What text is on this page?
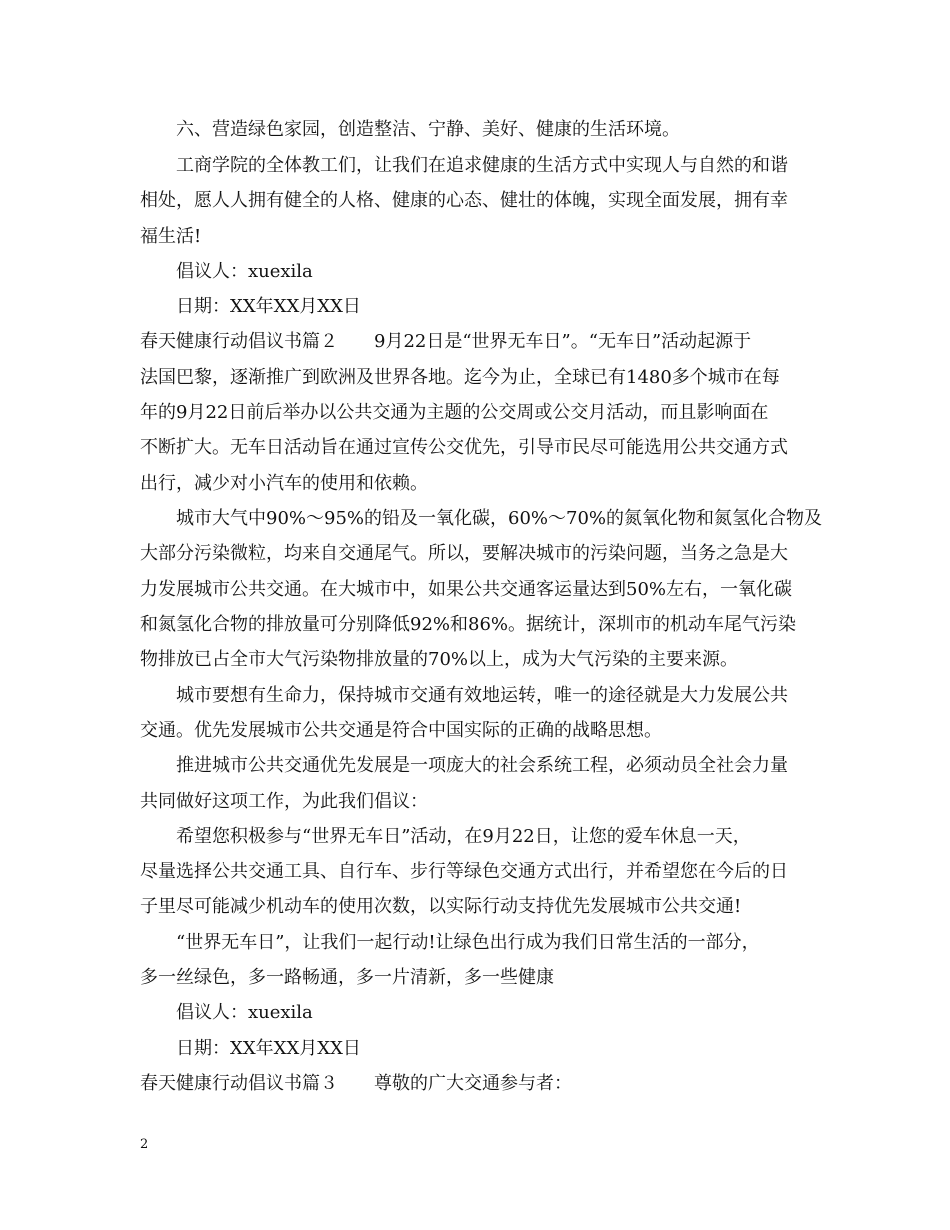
六、营造绿色家园，创造整洁、宁静、美好、健康的生活环境。
工商学院的全体教工们，让我们在追求健康的生活方式中实现人与自然的和谐
相处，愿人人拥有健全的人格、健康的心态、健壮的体魄，实现全面发展，拥有幸
福生活!
倡议人：xuexila
日期：XX年XX月XX日
春天健康行动倡议书篇２　　9月22日是“世界无车日”。“无车日”活动起源于
法国巴黎，逐渐推广到欧洲及世界各地。迄今为止，全球已有1480多个城市在每
年的9月22日前后举办以公共交通为主题的公交周或公交月活动，而且影响面在
不断扩大。无车日活动旨在通过宣传公交优先，引导市民尽可能选用公共交通方式
出行，减少对小汽车的使用和依赖。
城市大气中90%～95%的铅及一氧化碳，60%～70%的氮氧化物和氮氢化合物及
大部分污染微粒，均来自交通尾气。所以，要解决城市的污染问题，当务之急是大
力发展城市公共交通。在大城市中，如果公共交通客运量达到50%左右，一氧化碳
和氮氢化合物的排放量可分别降低92%和86%。据统计，深圳市的机动车尾气污染
物排放已占全市大气污染物排放量的70%以上，成为大气污染的主要来源。
城市要想有生命力，保持城市交通有效地运转，唯一的途径就是大力发展公共
交通。优先发展城市公共交通是符合中国实际的正确的战略思想。
推进城市公共交通优先发展是一项庞大的社会系统工程，必须动员全社会力量
共同做好这项工作，为此我们倡议：
希望您积极参与“世界无车日”活动，在9月22日，让您的爱车休息一天，
尽量选择公共交通工具、自行车、步行等绿色交通方式出行，并希望您在今后的日
子里尽可能减少机动车的使用次数，以实际行动支持优先发展城市公共交通!
“世界无车日”，让我们一起行动!让绿色出行成为我们日常生活的一部分，
多一丝绿色，多一路畅通，多一片清新，多一些健康
倡议人：xuexila
日期：XX年XX月XX日
春天健康行动倡议书篇３　　尊敬的广大交通参与者：
2
